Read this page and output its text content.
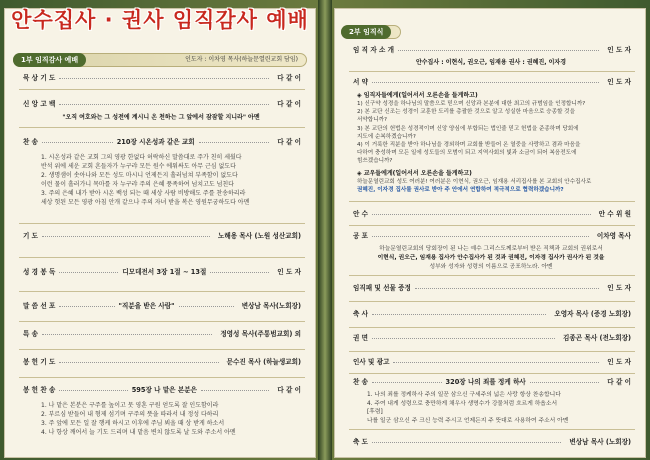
1부 임직감사 예배	인도자 : 이차영 목사(하늘문열린교회 담임)
묵 상 기 도	다 같 이
신 앙 고 백	다 같 이
"오직 여호와는 그 성전에 계시니 온 천하는 그 앞에서 잠잠할 지니라" 아멘
찬 송	210장 시온성과 같은 교회	다 같 이
1. 시온성과 같은 교회 그의 영광 한없다 허락하신 말씀대로 주가 친히 세웠다
반석 위에 세운 교회 흔들자가 누구랴 모든 원수 에워싸도 아무 근심 없도다
2. 생명샘이 솟아나와 모든 성도 마시니 언제든지 흘러넘쳐 부족함이 없도다
이런 물이 흘러가니 목마를 자 누구랴 주의 은혜 풍족하여 넘치고도 넘친다
3. 주의 은혜 내가 받아 시온 백성 되는 때 세상 사람 비방해도 주를 찬송하리라
세상 헛된 모든 영광 아침 안개 같으나 주의 자녀 받을 복은 영원무궁하도다 아멘
기 도	노해용 목사 (노원 성산교회)
성 경 봉 독	디모데전서 3장 1절 ~ 13절	인 도 자
말 씀 선 포	"직분을 받은 사람"	변상남 목사(노회장)
특 송	정영성 목사(주통범교회) 외
봉 헌 기 도	문수진 목사 (하늘생교회)
봉 헌 찬 송	595장 나 맡은 본분은	다 같 이
1. 나 맡은 본분은 구주를 높이고 뭇 영혼 구원 얻도록 잘 인도함이라
2. 부르심 받들어 내 형제 섬기며 구주의 뜻을 따라서 내 정성 다하리
3. 주 앞에 모든 일 잘 행케 하시고 이후에 주님 뵈올 때 상 받게 하소서
4. 나 항상 깨어서 늘 기도 드리며 내 맡음 변치 않도록 날 도와 주소서 아멘
안수집사 · 권사 임직감사 예배	2부 임직식
임 직 자 소 개	인 도 자
안수집사 : 이현식, 권오근, 임재용 권사 : 권혜진, 이자경
서 약	인 도 자
◈ 임직자들에게(일어서서 오른손을 들게하고)
1) 신구약 성경을 하나님의 말씀으로 믿으며 신앙과 본분에 대한 최고의 규범임을 인정합니까?
2) 본 교단 신조는 성경이 교훈한 도리를 총괄한 것으로 알고 성실한 마음으로 승종할 것을
서약합니까?
3) 본 교단의 헌법은 성경적이며 신앙 양심에 부합되는 법인줄 믿고 헌법을 준종하며 당회에
지도에 순복하겠습니까?
4) 이 거룩한 직분을 받아 하나님을 경외하며 교회를 받들어 온 열중을 사랑하고 겸과 마음을
다하여 충성하며 모든 일에 성도들의 모범이 되고 지역사회의 빛과 소금이 되어 복음전도에
힘쓰겠습니까?
◈ 교우들에게(일어서서 오른손을 들게하고)
하늘문열린교회 성도 여러분! 여러분은 이현식, 권오근, 임재용 서리집사를 본 교회의 안수집사로
권혜진, 이자경 집사를 권사로 받아 주 안에서 연합하여 적극적으로 협력하겠습니까?
안 수	안 수 위 원
공 포	이차영 목사
하늘문열린교회의 당회장이 된 나는 예수 그리스도께로부터 받은 직책과 교회의 권위로서
이현식, 권오근, 임재용 집사가 안수집사가 된 것과 권혜진, 이자경 집사가 권사가 된 것을
성부와 성자와 성령의 이름으로 공포하노라. 아멘
임직패 및 선물 증정	인 도 자
축 사	오영자 목사 (증경 노회장)
권 면	김종곤 목사 (전노회장)
인사 및 광고	인 도 자
찬 송	320장 나의 죄를 정케 하사	다 같 이
1. 나의 죄를 정케하사 주의 일꾼 삼으신 구세주의 넓은 사랑 항상 찬송합니다
4. 주여 내게 성령으로 충만하게 채우사 생명수가 강물처럼 흐르게 하옵소서
[후렴]
나를 일군 삼으신 주 크신 능력 주시고 언제든지 주 뜻대로 사용하여 주소서 아멘
축 도	변상남 목사 (노회장)
